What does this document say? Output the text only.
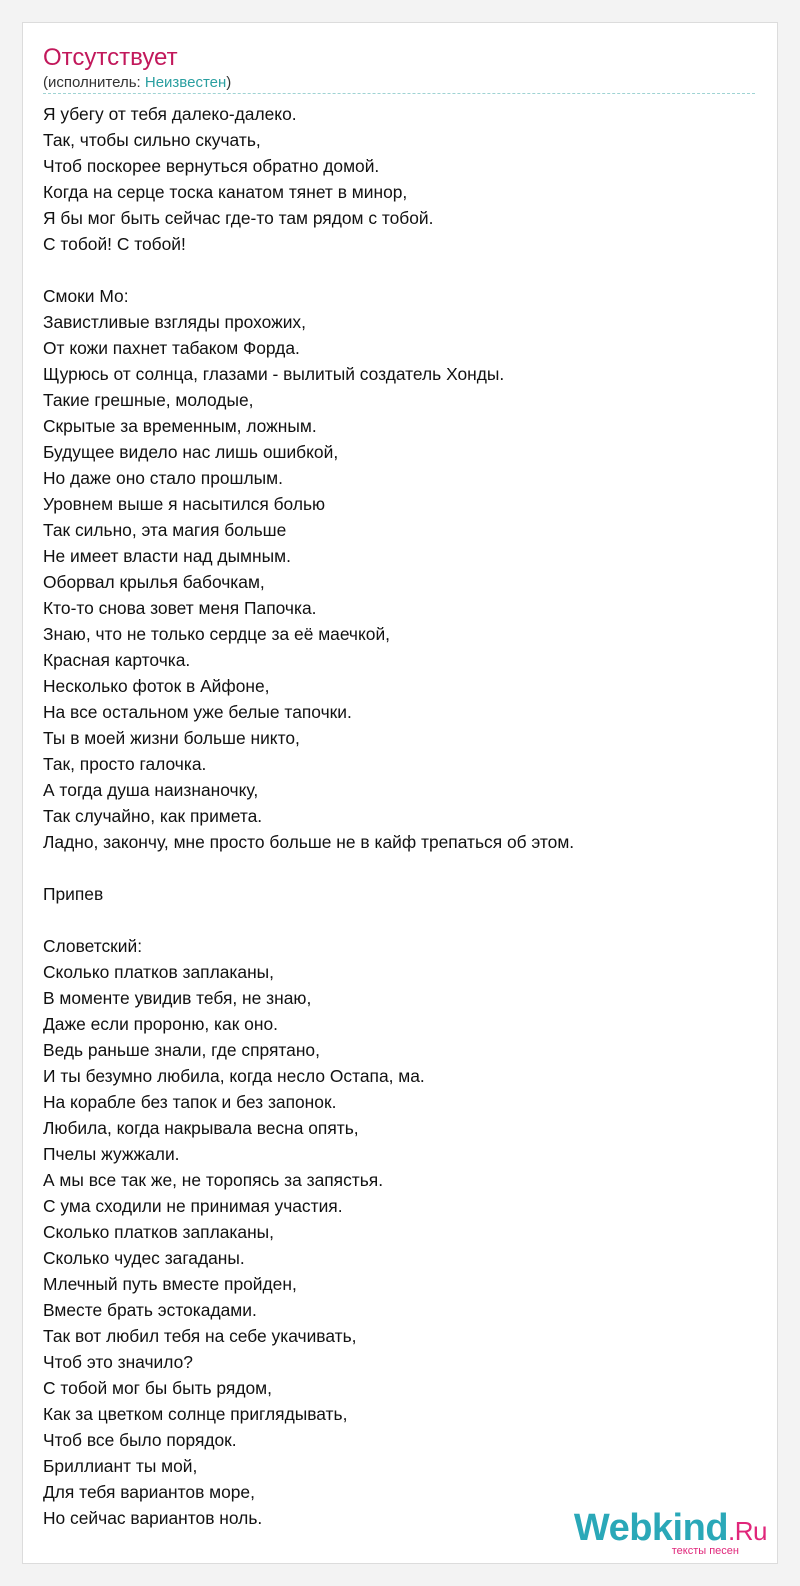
Отсутствует
(исполнитель: Неизвестен)

Я убегу от тебя далеко-далеко.
Так, чтобы сильно скучать,
Чтоб поскорее вернуться обратно домой.
Когда на серце тоска канатом тянет в минор,
Я бы мог быть сейчас где-то там рядом с тобой.
С тобой! С тобой!

Смоки Мо:
Завистливые взгляды прохожих,
От кожи пахнет табаком Форда.
Щурюсь от солнца, глазами - вылитый создатель Хонды.
Такие грешные, молодые,
Скрытые за временным, ложным.
Будущее видело нас лишь ошибкой,
Но даже оно стало прошлым.
Уровнем выше я насытился болью
Так сильно, эта магия больше
Не имеет власти над дымным.
Оборвал крылья бабочкам,
Кто-то снова зовет меня Папочка.
Знаю, что не только сердце за её маечкой,
Красная карточка.
Несколько фоток в Айфоне,
На все остальном уже белые тапочки.
Ты в моей жизни больше никто,
Так, просто галочка.
А тогда душа наизнаночку,
Так случайно, как примета.
Ладно, закончу, мне просто больше не в кайф трепаться об этом.

Припев

Словетский:
Сколько платков заплаканы,
В моменте увидив тебя, не знаю,
Даже если пророню, как оно.
Ведь раньше знали, где спрятано,
И ты безумно любила, когда несло Остапа, ма.
На корабле без тапок и без запонок.
Любила, когда накрывала весна опять,
Пчелы жужжали.
А мы все так же, не торопясь за запястья.
С ума сходили не принимая участия.
Сколько платков заплаканы,
Сколько чудес загаданы.
Млечный путь вместе пройден,
Вместе брать эстокадами.
Так вот любил тебя на себе укачивать,
Чтоб это значило?
С тобой мог бы быть рядом,
Как за цветком солнце приглядывать,
Чтоб все было порядок.
Бриллиант ты мой,
Для тебя вариантов море,
Но сейчас вариантов ноль.	Webkind.Ru
тексты песен
